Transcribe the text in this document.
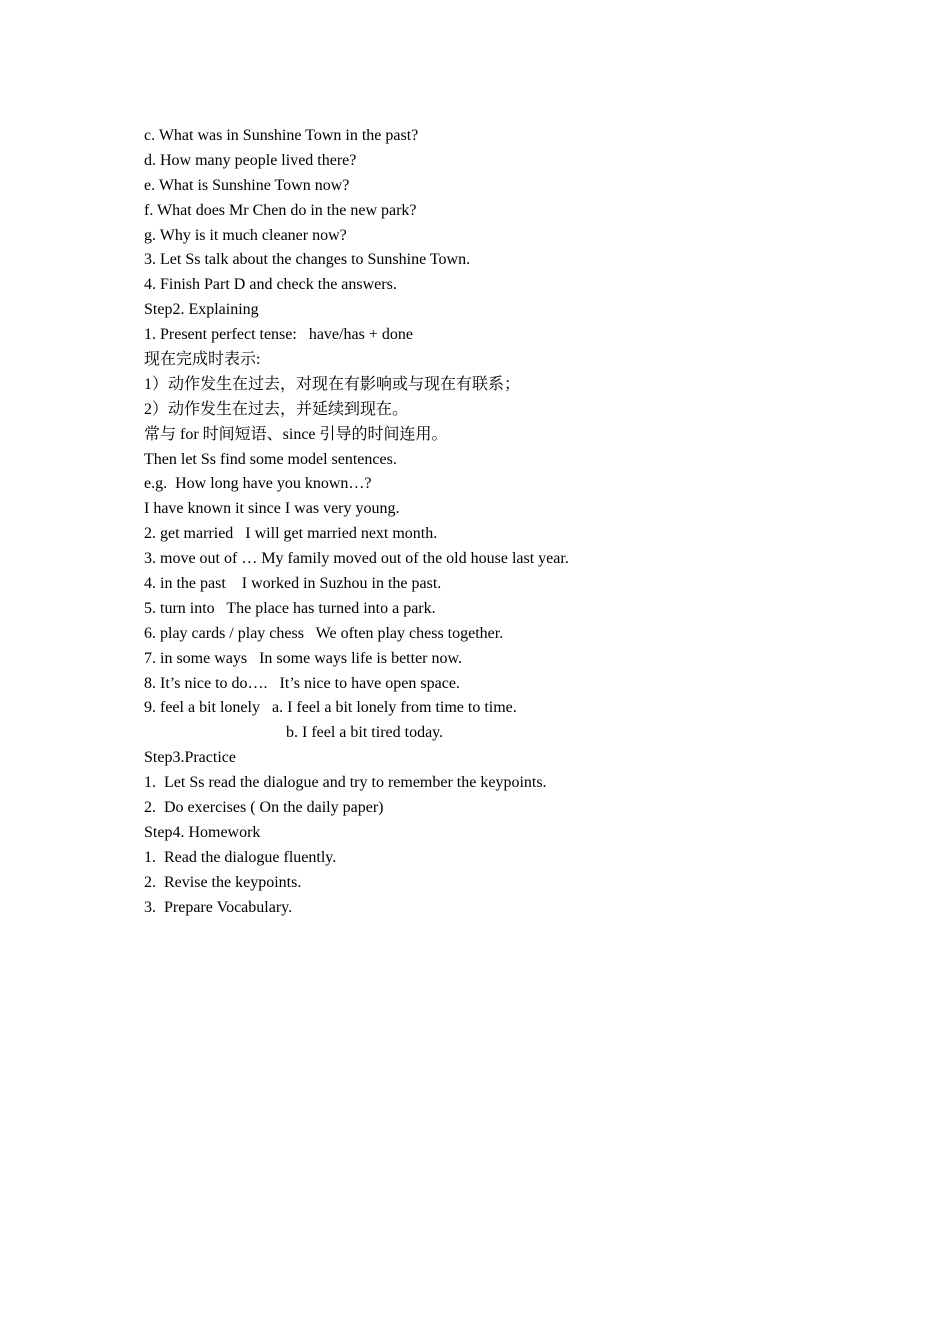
c. What was in Sunshine Town in the past?
d. How many people lived there?
e. What is Sunshine Town now?
f. What does Mr Chen do in the new park?
g. Why is it much cleaner now?
3. Let Ss talk about the changes to Sunshine Town.
4. Finish Part D and check the answers.
Step2. Explaining
1. Present perfect tense:   have/has + done
现在完成时表示:
1）动作发生在过去，对现在有影响或与现在有联系；
2）动作发生在过去，并延续到现在。
常与 for 时间短语、since 引导的时间连用。
Then let Ss find some model sentences.
e.g.  How long have you known…?
I have known it since I was very young.
2. get married   I will get married next month.
3. move out of … My family moved out of the old house last year.
4. in the past    I worked in Suzhou in the past.
5. turn into   The place has turned into a park.
6. play cards / play chess   We often play chess together.
7. in some ways   In some ways life is better now.
8. It’s nice to do….   It’s nice to have open space.
9. feel a bit lonely   a. I feel a bit lonely from time to time.
b. I feel a bit tired today.
Step3.Practice
1.  Let Ss read the dialogue and try to remember the keypoints.
2.  Do exercises ( On the daily paper)
Step4. Homework
1.  Read the dialogue fluently.
2.  Revise the keypoints.
3.  Prepare Vocabulary.
